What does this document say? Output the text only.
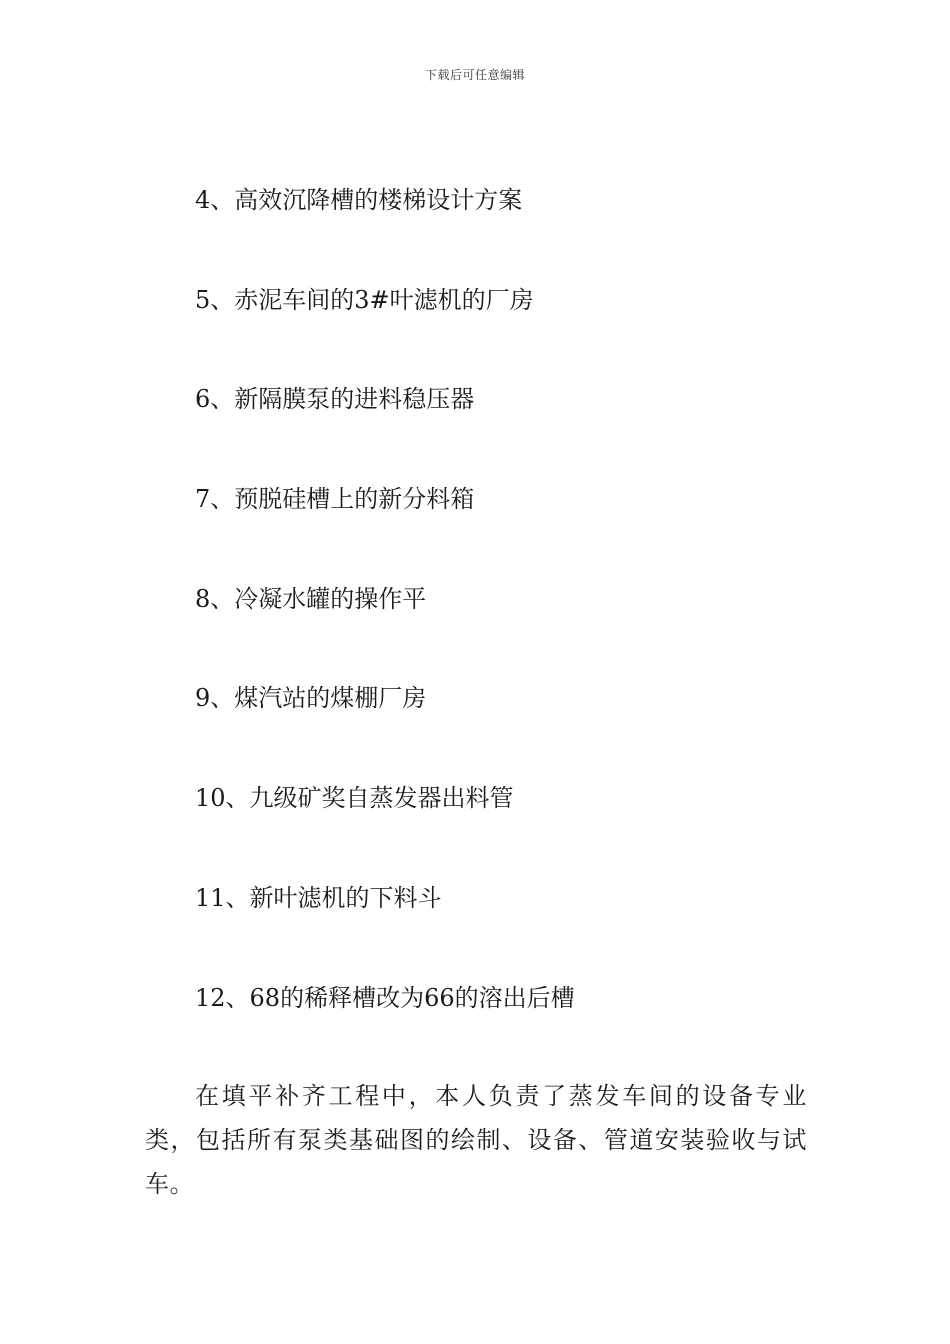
下载后可任意编辑
4、高效沉降槽的楼梯设计方案
5、赤泥车间的3#叶滤机的厂房
6、新隔膜泵的进料稳压器
7、预脱硅槽上的新分料箱
8、冷凝水罐的操作平
9、煤汽站的煤棚厂房
10、九级矿奖自蒸发器出料管
11、新叶滤机的下料斗
12、68的稀释槽改为66的溶出后槽

在填平补齐工程中，本人负责了蒸发车间的设备专业类，包括所有泵类基础图的绘制、设备、管道安装验收与试车。
